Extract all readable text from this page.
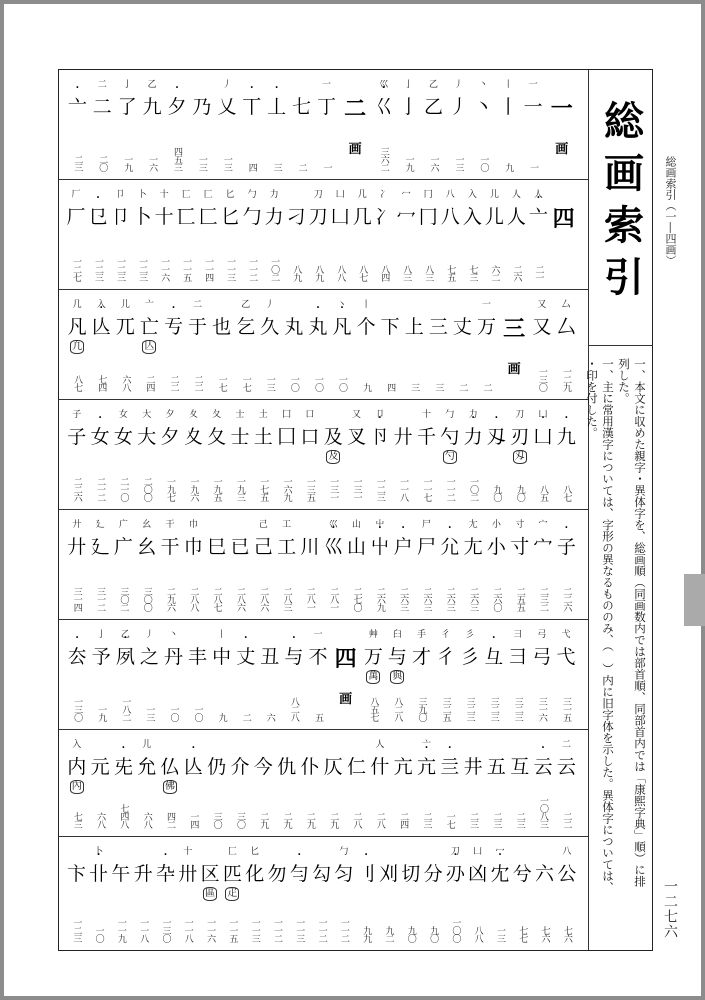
一
画
一
一
一
丨
丨
九
丶
丶
一〇
丿
丿
一三
乙
乙
一六
亅
亅
一九
巛
・ 巜
三六二
二
画
一
丁
一
七
二
・ 丄
三
・ 丅
四
丿
乂
一三
乃
一三
・ 夕
四五三
乙
九
一六
亅
了
一九
二
二
二〇
・ 亠
二三
四
人
・ 亠
二一
人
人
二六
儿
儿
六二
入
入
七三
八
八
七五
冂
冂
八三
冖
冖
八三
冫
冫
八四
几
几
八七
凵
凵
八八
刀
刀
八九
刁
八九
力
力
一〇二
勹
勹
一一二
匕
匕
一一三
匚
匚
一一四
匸
匸
一一五
十
十
一一六
卜
卜
一二三
卩
卩
一二三
・ 㔾
一二三
厂
厂
一二七
厶
厶
一二九
又
又
一三〇
三
画
一
万
二
丈
二
三
三
上
三
下
四
丨
个
九
丶
・ 凡
一〇
・ 丸
一〇
丸
一〇
丿
久
一三
乙
乞
一七
也
一七
二
于
二二
・ 亐
二二
亠
亡
亾
二四
儿
兀
六八
入
・ 亾
七四
几
凡
凢
八七
・ 九
八七
凵
・ 凵
八五
刀
刃
刄
九〇
・ 刄
九〇
力
・ 力
一〇二
勹
勺
勺
一一二
十
千
一一七
廾
一一八
卩
・ 卪
一二三
又
叉
一三一
及
及
一三一
口
口
一三五
囗
囗
一六九
土
土
一七五
士
士
一九三
夂
夂
一九五
夊
夊
一九六
夕
夕
一九七
大
大
二〇〇
女
女
二一〇
・ 女
二一二
子
子
二二六
・ 子
二二六
宀
宀
二三二
寸
寸
二五五
小
小
二六〇
尢
尢
二六三
・ 尣
二六三
尸
尸
二六三
・ 户
二六三
屮
・ 屮
二六九
山
山
二七〇
巛
・ 巛
二八一
川
二八一
工
工
二八三
己
己
二八六
已
二八六
巳
二八七
巾
巾
二八八
干
干
二九六
幺
幺
三〇〇
广
广
三〇二
廴
廴
三一二
廾
廾
三一四
弋
弋
三一五
弓
弓
三一六
彐
彐
三二三
・ 彑
三二三
彡
彡
三二三
彳
彳
三二五
手
才
三九〇
臼
与
與
八二八
艸
万
萬
八五七
四
画
一
不
五
・ 与
八二八
丑
六
・ 丈
二
丨
中
九
丰
一〇
丶
丹
一〇
丿
之
一三
乙
・ 夙
一八二
亅
予
一九
・ 厺
一三〇
二
云
二二
・ 云
一〇八三
互
二三
五
二三
井
二三
・ 亖
一七
亠
・ 亢
二三
亢
二四
人
什
二八
仁
二八
仄
二九
仆
二九
仇
二九
今
二九
介
三〇
仍
三〇
・ 亾
一四
仏
佛
四二
儿
允
六八
・ 兂
七四八
元
六八
入
内
內
七三
八
公
七六
六
七六
兮
七七
冖
・ 冘
一三
凵
凶
八八
刀
・ 刅
一〇〇
分
九〇
切
九〇
刈
九二
・ 刂
九九
勹
匀
一一二
勾
一一二
・ 勻
一一三
勿
一一二
匕
化
一一三
匚
匹
疋
一一五
区
區
一一六
十
卅
一一八
・ 卆
一三〇
升
一一八
午
一一九
卜
・ 卝
一〇
卞
一二三
総画索引
一、本文に収めた親字・異体字を、総画順（同画数内では部首順、同部首内では「康熙字典」順）に排
列した。
一、主に常用漢字については、字形の異なるもののみ、（　）内に旧字体を示した。異体字については、
・印を付した。
総画索引（一―四画）
一二七六
